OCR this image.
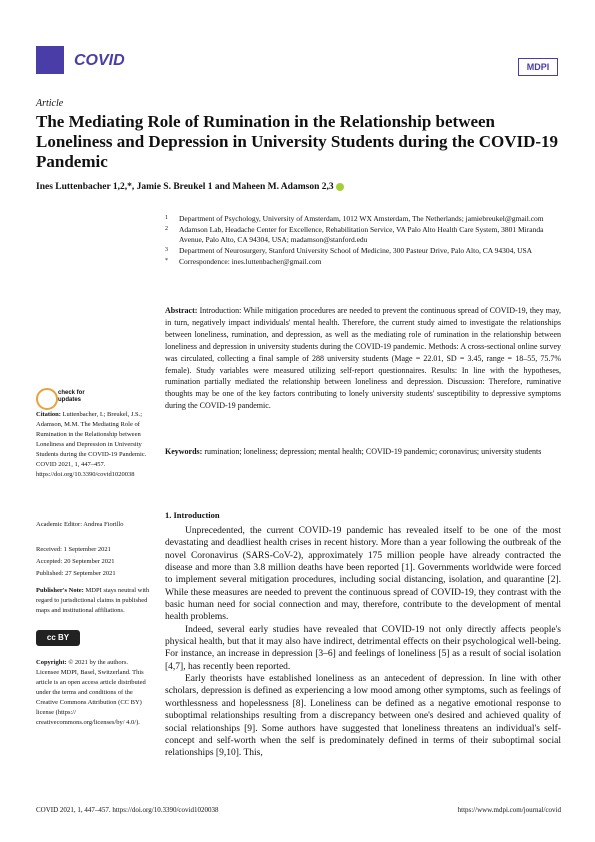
COVID	MDPI
Article
The Mediating Role of Rumination in the Relationship between Loneliness and Depression in University Students during the COVID-19 Pandemic
Ines Luttenbacher 1,2,*, Jamie S. Breukel 1 and Maheen M. Adamson 2,3
1 Department of Psychology, University of Amsterdam, 1012 WX Amsterdam, The Netherlands; jamiebreukel@gmail.com
2 Adamson Lab, Headache Center for Excellence, Rehabilitation Service, VA Palo Alto Health Care System, 3801 Miranda Avenue, Palo Alto, CA 94304, USA; madamson@stanford.edu
3 Department of Neurosurgery, Stanford University School of Medicine, 300 Pasteur Drive, Palo Alto, CA 94304, USA
* Correspondence: ines.luttenbacher@gmail.com
Abstract: Introduction: While mitigation procedures are needed to prevent the continuous spread of COVID-19, they may, in turn, negatively impact individuals' mental health. Therefore, the current study aimed to investigate the relationships between loneliness, rumination, and depression, as well as the mediating role of rumination in the relationship between loneliness and depression in university students during the COVID-19 pandemic. Methods: A cross-sectional online survey was circulated, collecting a final sample of 288 university students (Mage = 22.01, SD = 3.45, range = 18–55, 75.7% female). Study variables were measured utilizing self-report questionnaires. Results: In line with the hypotheses, rumination partially mediated the relationship between loneliness and depression. Discussion: Therefore, ruminative thoughts may be one of the key factors contributing to lonely university students' susceptibility to depressive symptoms during the COVID-19 pandemic.
Keywords: rumination; loneliness; depression; mental health; COVID-19 pandemic; coronavirus; university students
check for updates
Citation: Luttenbacher, I.; Breukel, J.S.; Adamson, M.M. The Mediating Role of Rumination in the Relationship between Loneliness and Depression in University Students during the COVID-19 Pandemic. COVID 2021, 1, 447–457. https://doi.org/10.3390/covid1020038
Academic Editor: Andrea Fiorillo
Received: 1 September 2021
Accepted: 20 September 2021
Published: 27 September 2021
Publisher's Note: MDPI stays neutral with regard to jurisdictional claims in published maps and institutional affiliations.
cc BY
Copyright: © 2021 by the authors. Licensee MDPI, Basel, Switzerland. This article is an open access article distributed under the terms and conditions of the Creative Commons Attribution (CC BY) license (https:// creativecommons.org/licenses/by/ 4.0/).
1. Introduction

Unprecedented, the current COVID-19 pandemic has revealed itself to be one of the most devastating and deadliest health crises in recent history. More than a year following the outbreak of the novel Coronavirus (SARS-CoV-2), approximately 175 million people have already contracted the disease and more than 3.8 million deaths have been reported [1]. Governments worldwide were forced to implement several mitigation procedures, including social distancing, isolation, and quarantine [2]. While these measures are needed to prevent the continuous spread of COVID-19, they contrast with the basic human need for social connection and may, therefore, contribute to the development of mental health problems.

Indeed, several early studies have revealed that COVID-19 not only directly affects people's physical health, but that it may also have indirect, detrimental effects on their psychological well-being. For instance, an increase in depression [3–6] and feelings of loneliness [5] as a result of social isolation [4,7], has recently been reported.

Early theorists have established loneliness as an antecedent of depression. In line with other scholars, depression is defined as experiencing a low mood among other symptoms, such as feelings of worthlessness and hopelessness [8]. Loneliness can be defined as a negative emotional response to suboptimal relationships resulting from a discrepancy between one's desired and achieved quality of social relationships [9]. Some authors have suggested that loneliness threatens an individual's self-concept and self-worth when the self is predominately defined in terms of their suboptimal social relationships [9,10]. This,

COVID 2021, 1, 447–457. https://doi.org/10.3390/covid1020038	https://www.mdpi.com/journal/covid
